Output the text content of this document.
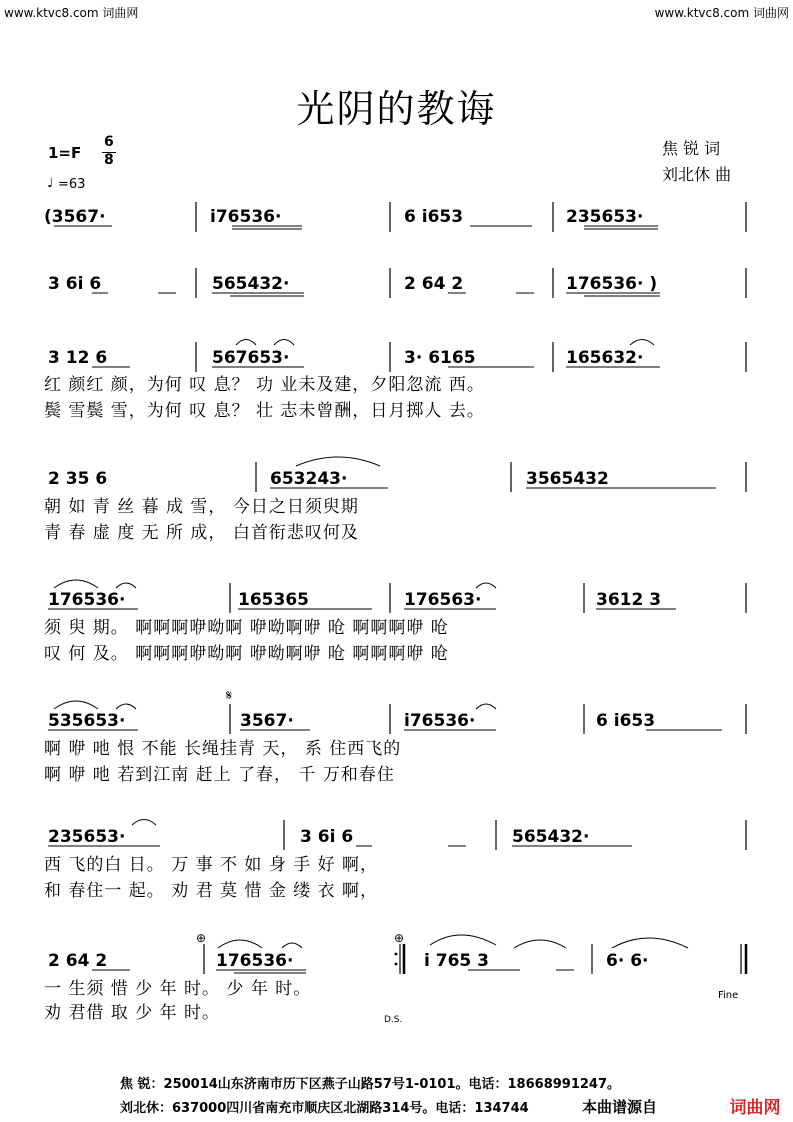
www.ktvc8.com 词曲网	www.ktvc8.com 词曲网
光阴的教诲
1=F
6
8
♩ =63
焦 锐 词
刘北休 曲
(3567·	i76536·	6 i653	235653·
3 6i 6	565432·	2 64 2	176536· )
3 12 6	567653·	3· 6165	165632·
红 颜红 颜，为何 叹 息？ 功 业未及建，夕阳忽流 西。
鬓 雪鬓 雪，为何 叹 息？ 壮 志未曾酬，日月掷人 去。
2 35 6	653243·	3565432
朝 如 青 丝 暮 成 雪， 今日之日须臾期
青 春 虚 度 无 所 成， 白首衔悲叹何及
176536·	165365	176563·	3612 3
须 臾 期。 啊啊啊咿呦啊 咿呦啊咿 呛 啊啊啊咿 呛
叹 何 及。 啊啊啊咿呦啊 咿呦啊咿 呛 啊啊啊咿 呛
535653·	3567·	i76536·	6 i653
𝄋
啊 咿 吔 恨 不能 长绳挂青 天， 系 住西飞的
啊 咿 吔 若到江南 赶上 了春， 千 万和春住
235653·	3 6i 6	565432·
西 飞的白 日。 万 事 不 如 身 手 好 啊，
和 春住一 起。 劝 君 莫 惜 金 缕 衣 啊，
2 64 2	176536·	i 765 3	6· 6·
⊕	⊕
一 生须 惜 少 年 时。 少 年 时。
劝 君借 取 少 年 时。
Fine
D.S.
焦 锐：250014山东济南市历下区燕子山路57号1-0101。电话：18668991247。
刘北休：637000四川省南充市顺庆区北湖路314号。电话：134744	本曲谱源自	词曲网
